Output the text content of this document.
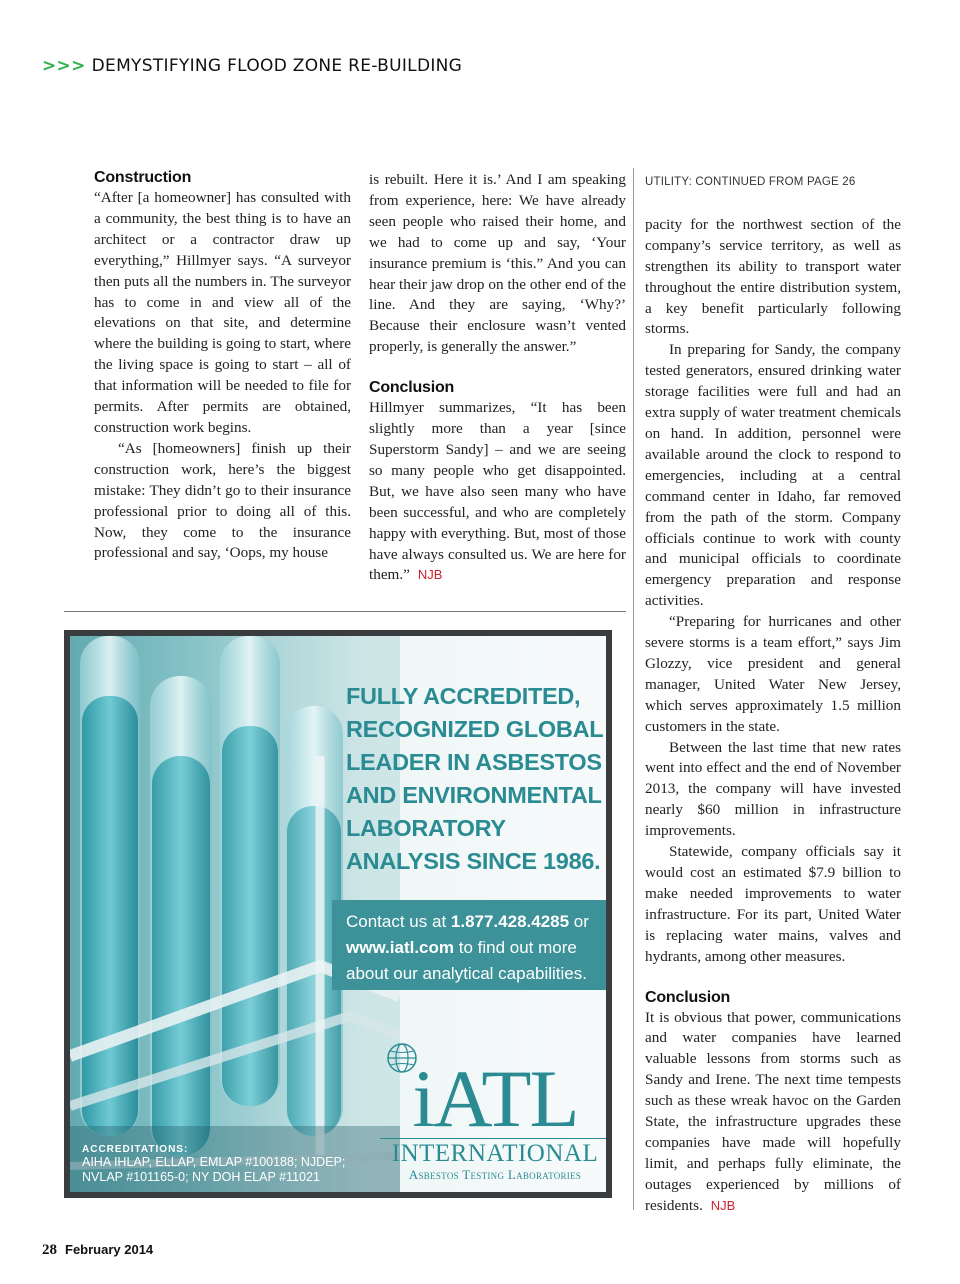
>>> DEMYSTIFYING FLOOD ZONE RE-BUILDING
Construction

“After [a homeowner] has consulted with a community, the best thing is to have an architect or a contractor draw up everything,” Hillmyer says. “A surveyor then puts all the numbers in. The surveyor has to come in and view all of the elevations on that site, and determine where the building is going to start, where the living space is going to start – all of that information will be needed to file for permits. After permits are obtained, construction work begins.

“As [homeowners] finish up their construction work, here’s the biggest mistake: They didn’t go to their insurance professional prior to doing all of this. Now, they come to the insurance professional and say, ‘Oops, my house

is rebuilt. Here it is.’ And I am speaking from experience, here: We have already seen people who raised their home, and we had to come up and say, ‘Your insurance premium is ‘this.” And you can hear their jaw drop on the other end of the line. And they are saying, ‘Why?’ Because their enclosure wasn’t vented properly, is generally the answer.”

Conclusion

Hillmyer summarizes, “It has been slightly more than a year [since Superstorm Sandy] – and we are seeing so many people who get disappointed. But, we have also seen many who have been successful, and who are completely happy with everything. But, most of those have always consulted us. We are here for them.” NJB

UTILITY: CONTINUED FROM PAGE 26

pacity for the northwest section of the company’s service territory, as well as strengthen its ability to transport water throughout the entire distribution system, a key benefit particularly following storms.

In preparing for Sandy, the company tested generators, ensured drinking water storage facilities were full and had an extra supply of water treatment chemicals on hand. In addition, personnel were available around the clock to respond to emergencies, including at a central command center in Idaho, far removed from the path of the storm. Company officials continue to work with county and municipal officials to coordinate emergency preparation and response activities.

“Preparing for hurricanes and other severe storms is a team effort,” says Jim Glozzy, vice president and general manager, United Water New Jersey, which serves approximately 1.5 million customers in the state.

Between the last time that new rates went into effect and the end of November 2013, the company will have invested nearly $60 million in infrastructure improvements.

Statewide, company officials say it would cost an estimated $7.9 billion to make needed improvements to water infrastructure. For its part, United Water is replacing water mains, valves and hydrants, among other measures.

Conclusion

It is obvious that power, communications and water companies have learned valuable lessons from storms such as Sandy and Irene. The next time tempests such as these wreak havoc on the Garden State, the infrastructure upgrades these companies have made will hopefully limit, and perhaps fully eliminate, the outages experienced by millions of residents. NJB

FULLY ACCREDITED, RECOGNIZED GLOBAL LEADER IN ASBESTOS AND ENVIRONMENTAL LABORATORY ANALYSIS SINCE 1986.
Contact us at 1.877.428.4285 or www.iatl.com to find out more about our analytical capabilities.
iATL
INTERNATIONAL
Asbestos Testing Laboratories
ACCREDITATIONS:
AIHA IHLAP, ELLAP, EMLAP #100188; NJDEP;
NVLAP #101165-0; NY DOH ELAP #11021
28 February 2014
